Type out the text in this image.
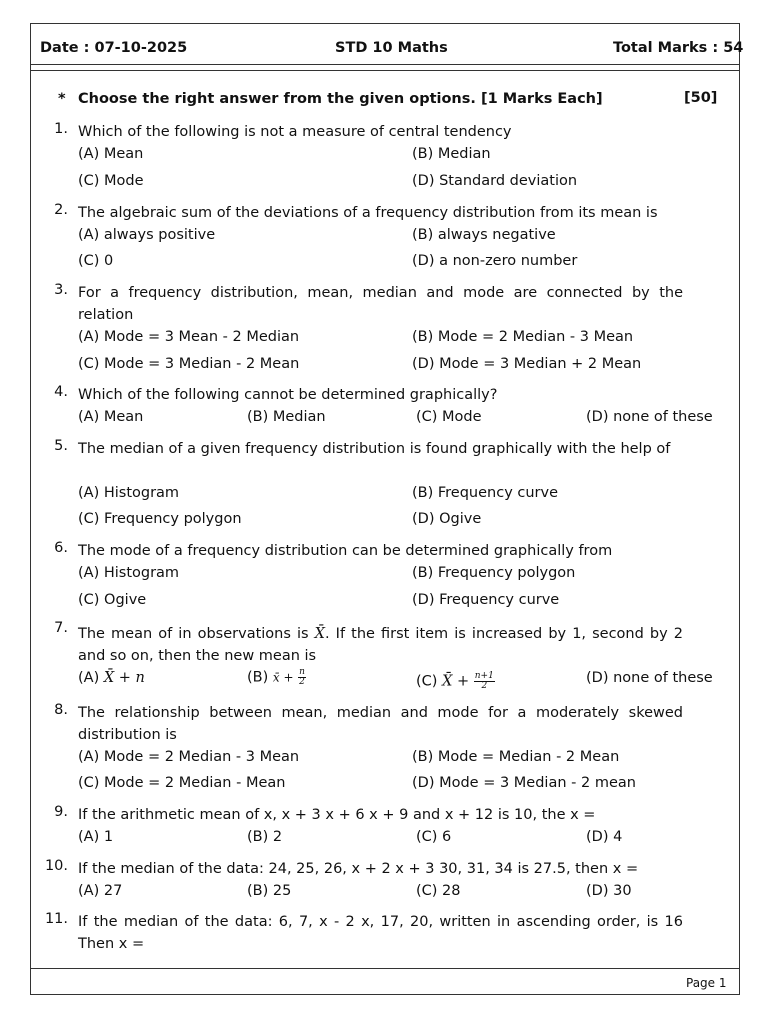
Date : 07-10-2025	STD 10 Maths	Total Marks : 54
* Choose the right answer from the given options. [1 Marks Each]	[50]
1. Which of the following is not a measure of central tendency
(A) Mean	(B) Median
(C) Mode	(D) Standard deviation
2. The algebraic sum of the deviations of a frequency distribution from its mean is
(A) always positive	(B) always negative
(C) 0	(D) a non-zero number
3. For a frequency distribution, mean, median and mode are connected by the relation
(A) Mode = 3 Mean - 2 Median	(B) Mode = 2 Median - 3 Mean
(C) Mode = 3 Median - 2 Mean	(D) Mode = 3 Median + 2 Mean
4. Which of the following cannot be determined graphically?
(A) Mean	(B) Median	(C) Mode	(D) none of these
5. The median of a given frequency distribution is found graphically with the help of
(A) Histogram	(B) Frequency curve
(C) Frequency polygon	(D) Ogive
6. The mode of a frequency distribution can be determined graphically from
(A) Histogram	(B) Frequency polygon
(C) Ogive	(D) Frequency curve
7. The mean of in observations is X̄. If the first item is increased by 1, second by 2 and so on, then the new mean is
(A) X̄ + n	(B) x̄ + $\frac{n}{2}$	(C) X̄ + $\frac{n+1}{2}$	(D) none of these
8. The relationship between mean, median and mode for a moderately skewed distribution is
(A) Mode = 2 Median - 3 Mean	(B) Mode = Median - 2 Mean
(C) Mode = 2 Median - Mean	(D) Mode = 3 Median - 2 mean
9. If the arithmetic mean of x, x + 3 x + 6 x + 9 and x + 12 is 10, the x =
(A) 1	(B) 2	(C) 6	(D) 4
10. If the median of the data: 24, 25, 26, x + 2 x + 3 30, 31, 34 is 27.5, then x =
(A) 27	(B) 25	(C) 28	(D) 30
11. If the median of the data: 6, 7, x - 2 x, 17, 20, written in ascending order, is 16 Then x =
Page 1
